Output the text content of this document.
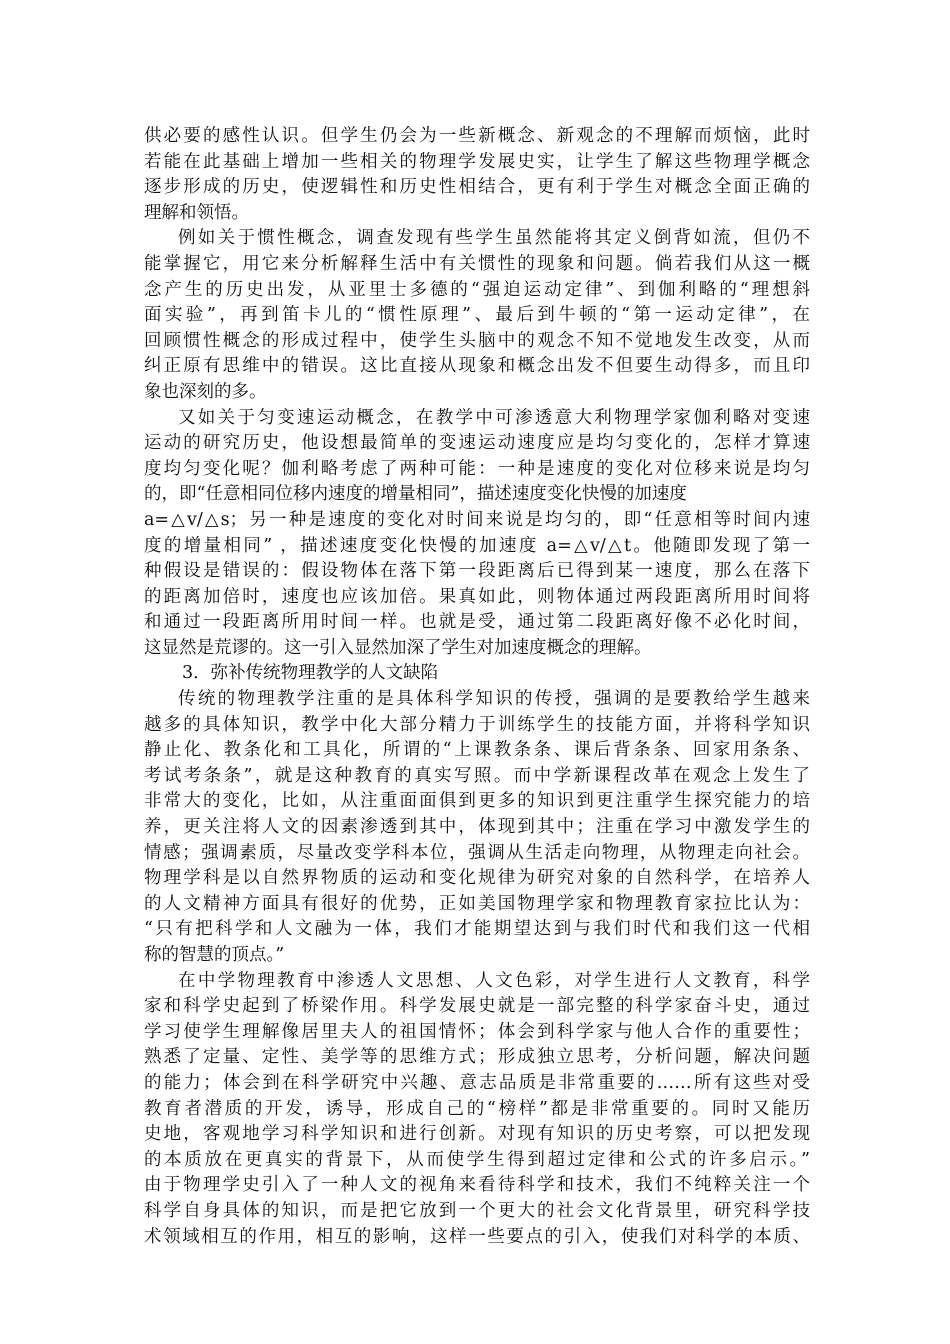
供必要的感性认识。但学生仍会为一些新概念、新观念的不理解而烦恼，此时
若能在此基础上增加一些相关的物理学发展史实，让学生了解这些物理学概念
逐步形成的历史，使逻辑性和历史性相结合，更有利于学生对概念全面正确的
理解和领悟。
例如关于惯性概念，调查发现有些学生虽然能将其定义倒背如流，但仍不
能掌握它，用它来分析解释生活中有关惯性的现象和问题。倘若我们从这一概
念产生的历史出发，从亚里士多德的“强迫运动定律”、到伽利略的“理想斜
面实验”，再到笛卡儿的“惯性原理”、最后到牛顿的“第一运动定律”，在
回顾惯性概念的形成过程中，使学生头脑中的观念不知不觉地发生改变，从而
纠正原有思维中的错误。这比直接从现象和概念出发不但要生动得多，而且印
象也深刻的多。
又如关于匀变速运动概念，在教学中可渗透意大利物理学家伽利略对变速
运动的研究历史，他设想最简单的变速运动速度应是均匀变化的，怎样才算速
度均匀变化呢？伽利略考虑了两种可能：一种是速度的变化对位移来说是均匀
的，即“任意相同位移内速度的增量相同”，描述速度变化快慢的加速度
a=△v/△s；另一种是速度的变化对时间来说是均匀的，即“任意相等时间内速
度的增量相同” ，描述速度变化快慢的加速度 a=△v/△t。他随即发现了第一
种假设是错误的：假设物体在落下第一段距离后已得到某一速度，那么在落下
的距离加倍时，速度也应该加倍。果真如此，则物体通过两段距离所用时间将
和通过一段距离所用时间一样。也就是受，通过第二段距离好像不必化时间，
这显然是荒谬的。这一引入显然加深了学生对加速度概念的理解。
3．弥补传统物理教学的人文缺陷
传统的物理教学注重的是具体科学知识的传授，强调的是要教给学生越来
越多的具体知识，教学中化大部分精力于训练学生的技能方面，并将科学知识
静止化、教条化和工具化，所谓的“上课教条条、课后背条条、回家用条条、
考试考条条”，就是这种教育的真实写照。而中学新课程改革在观念上发生了
非常大的变化，比如，从注重面面俱到更多的知识到更注重学生探究能力的培
养，更关注将人文的因素渗透到其中，体现到其中；注重在学习中激发学生的
情感；强调素质，尽量改变学科本位，强调从生活走向物理，从物理走向社会。
物理学科是以自然界物质的运动和变化规律为研究对象的自然科学，在培养人
的人文精神方面具有很好的优势，正如美国物理学家和物理教育家拉比认为：
“只有把科学和人文融为一体，我们才能期望达到与我们时代和我们这一代相
称的智慧的顶点。”
在中学物理教育中渗透人文思想、人文色彩，对学生进行人文教育，科学
家和科学史起到了桥梁作用。科学发展史就是一部完整的科学家奋斗史，通过
学习使学生理解像居里夫人的祖国情怀；体会到科学家与他人合作的重要性；
熟悉了定量、定性、美学等的思维方式；形成独立思考，分析问题，解决问题
的能力；体会到在科学研究中兴趣、意志品质是非常重要的……所有这些对受
教育者潜质的开发，诱导，形成自己的“榜样”都是非常重要的。同时又能历
史地，客观地学习科学知识和进行创新。对现有知识的历史考察，可以把发现
的本质放在更真实的背景下，从而使学生得到超过定律和公式的许多启示。”
由于物理学史引入了一种人文的视角来看待科学和技术，我们不纯粹关注一个
科学自身具体的知识，而是把它放到一个更大的社会文化背景里，研究科学技
术领域相互的作用，相互的影响，这样一些要点的引入，使我们对科学的本质、
